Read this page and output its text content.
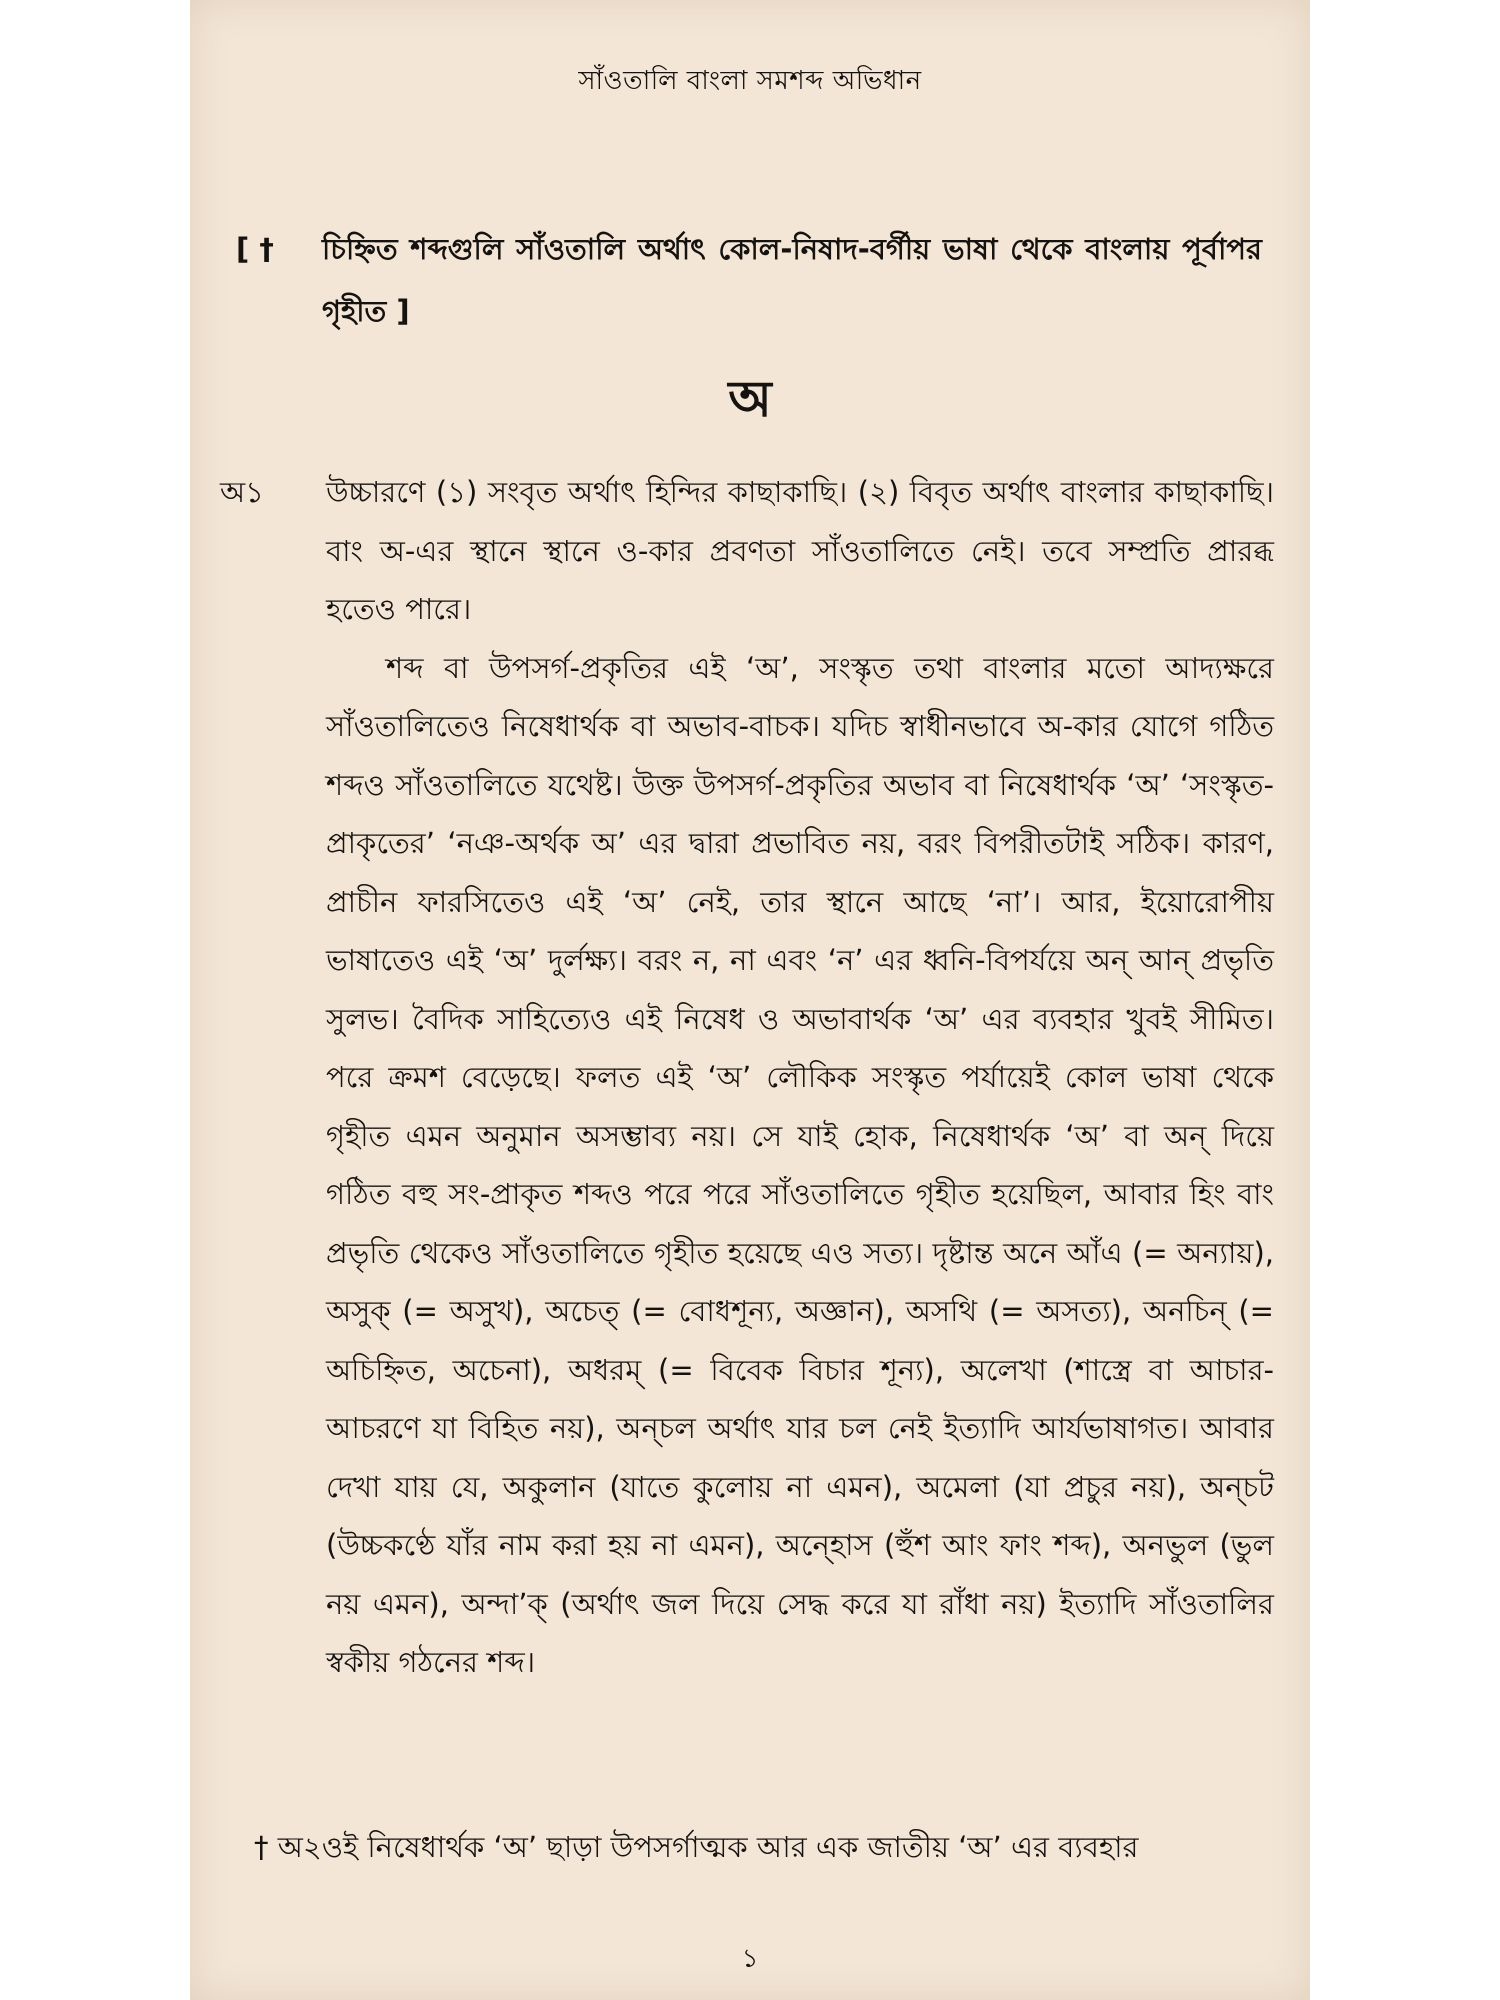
সাঁওতালি বাংলা সমশব্দ অভিধান
[ †	চিহ্নিত শব্দগুলি সাঁওতালি অর্থাৎ কোল-নিষাদ-বর্গীয় ভাষা থেকে বাংলায় পূর্বাপর গৃহীত ]
অ
অ১	উচ্চারণে (১) সংবৃত অর্থাৎ হিন্দির কাছাকাছি। (২) বিবৃত অর্থাৎ বাংলার কাছাকাছি। বাং অ-এর স্থানে স্থানে ও-কার প্রবণতা সাঁওতালিতে নেই। তবে সম্প্রতি প্রারব্ধ হতেও পারে।

শব্দ বা উপসর্গ-প্রকৃতির এই ‘অ’, সংস্কৃত তথা বাংলার মতো আদ্যক্ষরে সাঁওতালিতেও নিষেধার্থক বা অভাব-বাচক। যদিচ স্বাধীনভাবে অ-কার যোগে গঠিত শব্দও সাঁওতালিতে যথেষ্ট। উক্ত উপসর্গ-প্রকৃতির অভাব বা নিষেধার্থক ‘অ’ ‘সংস্কৃত-প্রাকৃতের’ ‘নঞ-অর্থক অ’ এর দ্বারা প্রভাবিত নয়, বরং বিপরীতটাই সঠিক। কারণ, প্রাচীন ফারসিতেও এই ‘অ’ নেই, তার স্থানে আছে ‘না’। আর, ইয়োরোপীয় ভাষাতেও এই ‘অ’ দুর্লক্ষ্য। বরং ন, না এবং ‘ন’ এর ধ্বনি-বিপর্যয়ে অন্ আন্ প্রভৃতি সুলভ। বৈদিক সাহিত্যেও এই নিষেধ ও অভাবার্থক ‘অ’ এর ব্যবহার খুবই সীমিত। পরে ক্রমশ বেড়েছে। ফলত এই ‘অ’ লৌকিক সংস্কৃত পর্যায়েই কোল ভাষা থেকে গৃহীত এমন অনুমান অসম্ভাব্য নয়। সে যাই হোক, নিষেধার্থক ‘অ’ বা অন্ দিয়ে গঠিত বহু সং-প্রাকৃত শব্দও পরে পরে সাঁওতালিতে গৃহীত হয়েছিল, আবার হিং বাং প্রভৃতি থেকেও সাঁওতালিতে গৃহীত হয়েছে এও সত্য। দৃষ্টান্ত অনে আঁএ (= অন্যায়), অসুক্ (= অসুখ), অচেত্ (= বোধশূন্য, অজ্ঞান), অসথি (= অসত্য), অনচিন্ (= অচিহ্নিত, অচেনা), অধরম্ (= বিবেক বিচার শূন্য), অলেখা (শাস্ত্রে বা আচার-আচরণে যা বিহিত নয়), অন্চল অর্থাৎ যার চল নেই ইত্যাদি আর্যভাষাগত। আবার দেখা যায় যে, অকুলান (যাতে কুলোয় না এমন), অমেলা (যা প্রচুর নয়), অন্চট (উচ্চকণ্ঠে যাঁর নাম করা হয় না এমন), অন্হোস (হুঁশ আং ফাং শব্দ), অনভুল (ভুল নয় এমন), অন্দা’ক্ (অর্থাৎ জল দিয়ে সেদ্ধ করে যা রাঁধা নয়) ইত্যাদি সাঁওতালির স্বকীয় গঠনের শব্দ।

† অ২ওই নিষেধার্থক ‘অ’ ছাড়া উপসর্গাত্মক আর এক জাতীয় ‘অ’ এর ব্যবহার
১
